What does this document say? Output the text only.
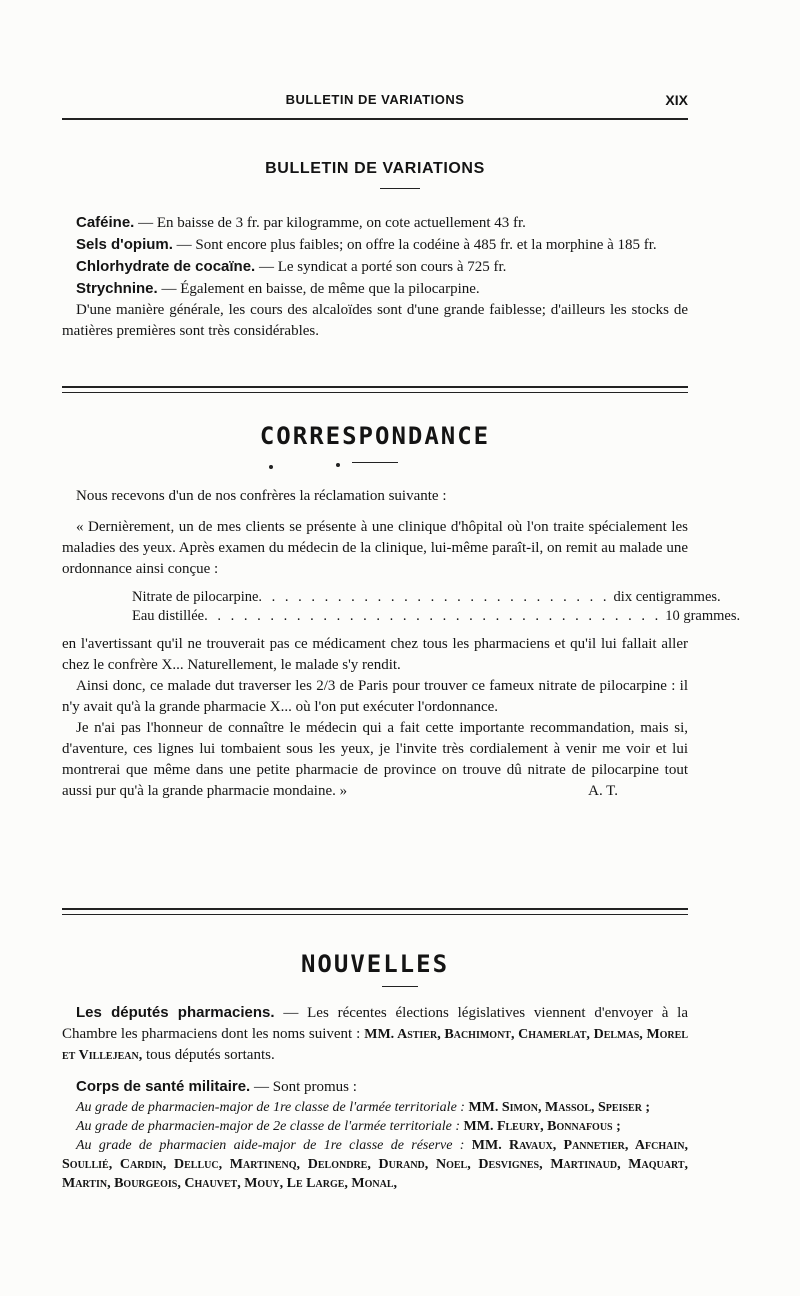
BULLETIN DE VARIATIONS	XIX
BULLETIN DE VARIATIONS

Caféine. — En baisse de 3 fr. par kilogramme, on cote actuellement 43 fr.

Sels d'opium. — Sont encore plus faibles; on offre la codéine à 485 fr. et la morphine à 185 fr.

Chlorhydrate de cocaïne. — Le syndicat a porté son cours à 725 fr.

Strychnine. — Également en baisse, de même que la pilocarpine.

D'une manière générale, les cours des alcaloïdes sont d'une grande faiblesse; d'ailleurs les stocks de matières premières sont très considérables.

CORRESPONDANCE

Nous recevons d'un de nos confrères la réclamation suivante :

« Dernièrement, un de mes clients se présente à une clinique d'hôpital où l'on traite spécialement les maladies des yeux. Après examen du médecin de la clinique, lui-même paraît-il, on remit au malade une ordonnance ainsi conçue :

Nitrate de pilocarpine . . . . . . . . . . . . . . . . . . . . . . . . . . . dix centigrammes.
Eau distillée . . . . . . . . . . . . . . . . . . . . . . . . . . . . . . . . . . . 10 grammes.

en l'avertissant qu'il ne trouverait pas ce médicament chez tous les pharmaciens et qu'il lui fallait aller chez le confrère X... Naturellement, le malade s'y rendit.

Ainsi donc, ce malade dut traverser les 2/3 de Paris pour trouver ce fameux nitrate de pilocarpine : il n'y avait qu'à la grande pharmacie X... où l'on put exécuter l'ordonnance.

Je n'ai pas l'honneur de connaître le médecin qui a fait cette importante recommandation, mais si, d'aventure, ces lignes lui tombaient sous les yeux, je l'invite très cordialement à venir me voir et lui montrerai que même dans une petite pharmacie de province on trouve dû nitrate de pilocarpine tout aussi pur qu'à la grande pharmacie mondaine. »	A. T.

NOUVELLES

Les députés pharmaciens. — Les récentes élections législatives viennent d'envoyer à la Chambre les pharmaciens dont les noms suivent : MM. Astier, Bachimont, Chamerlat, Delmas, Morel et Villejean, tous députés sortants.

Corps de santé militaire. — Sont promus :

Au grade de pharmacien-major de 1re classe de l'armée territoriale : MM. Simon, Massol, Speiser ;

Au grade de pharmacien-major de 2e classe de l'armée territoriale : MM. Fleury, Bonnafous ;

Au grade de pharmacien aide-major de 1re classe de réserve : MM. Ravaux, Pannetier, Afchain, Soullié, Cardin, Delluc, Martinenq, Delondre, Durand, Noel, Desvignes, Martinaud, Maquart, Martin, Bourgeois, Chauvet, Mouy, Le Large, Monal,
